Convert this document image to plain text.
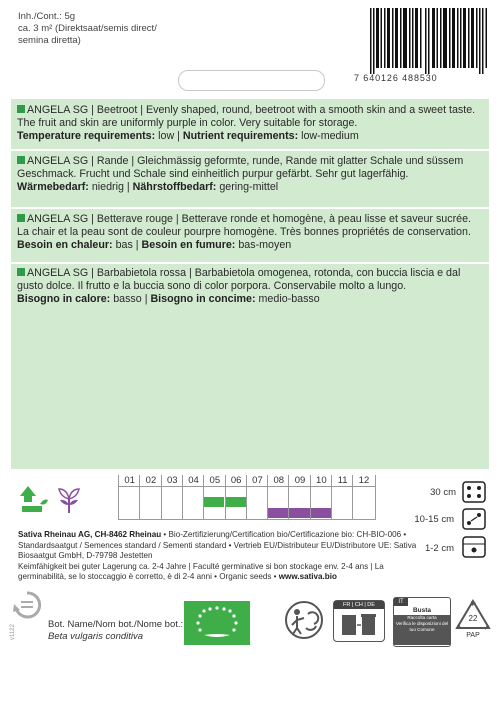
Inh./Cont.: 5g
ca. 3 m² (Direktsaat/semis direct/
semina diretta)
7 640126 488530

ANGELA SG | Beetroot | Evenly shaped, round, beetroot with a smooth skin and a sweet taste. The fruit and skin are uniformly purple in color. Very suitable for storage.

Temperature requirements: low | Nutrient requirements: low-medium

ANGELA SG | Rande | Gleichmässig geformte, runde, Rande mit glatter Schale und süssem Geschmack. Frucht und Schale sind einheitlich purpur gefärbt. Sehr gut lagerfähig.

Wärmebedarf: niedrig | Nährstoffbedarf: gering-mittel

ANGELA SG | Betterave rouge | Betterave ronde et homogène, à peau lisse et saveur sucrée. La chair et la peau sont de couleur pourpre homogène. Très bonnes propriétés de conservation.

Besoin en chaleur: bas | Besoin en fumure: bas-moyen

ANGELA SG | Barbabietola rossa | Barbabietola omogenea, rotonda, con buccia liscia e dal gusto dolce. Il frutto e la buccia sono di color porpora. Conservabile molto a lungo.

Bisogno in calore: basso | Bisogno in concime: medio-basso

01	02	03	04	05	06	07	08	09	10	11	12
30 cm
10-15 cm
1-2 cm
Sativa Rheinau AG, CH-8462 Rheinau • Bio-Zertifizierung/Certification bio/Certificazione bio: CH-BIO-006 • Standardsaatgut / Semences standard / Sementi standard • Vertrieb EU/Distributeur EU/Distributore UE: Sativa Biosaatgut GmbH, D-79798 Jestetten
Keimfähigkeit bei guter Lagerung ca. 2-4 Jahre | Faculté germinative si bon stockage env. 2-4 ans | La germinabilità, se lo stoccaggio è corretto, è di 2-4 anni • Organic seeds • www.sativa.bio
v1122	Bot. Name/Nom bot./Nome bot.:
Beta vulgaris conditiva
FR | CH | DE	IT
Busta
Raccolta carta
Verifica le disposizioni del tuo Comune
22
PAP
